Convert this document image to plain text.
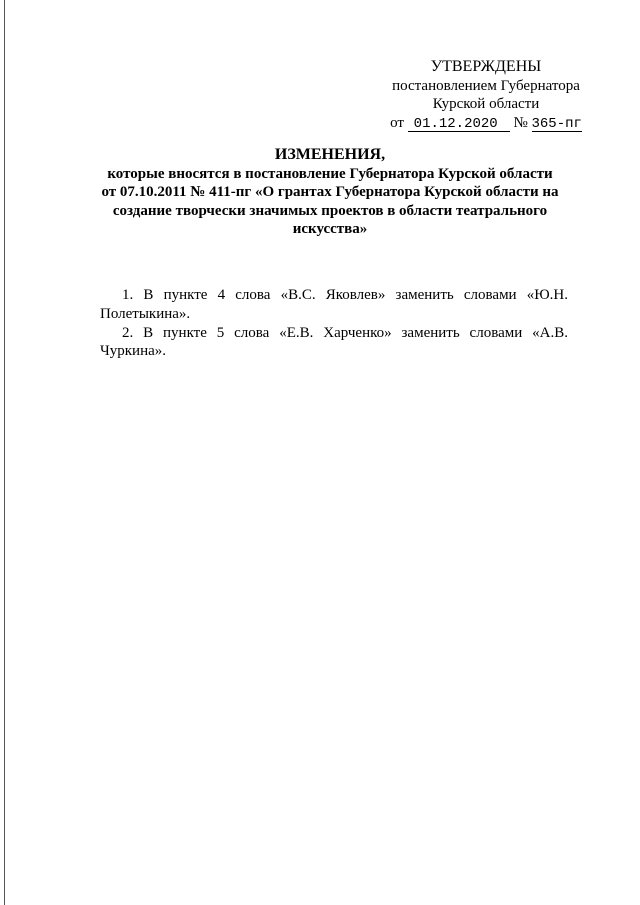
УТВЕРЖДЕНЫ
постановлением Губернатора
Курской области
от 01.12.2020 № 365-пг
ИЗМЕНЕНИЯ,
которые вносятся в постановление Губернатора Курской области
от 07.10.2011 № 411-пг «О грантах Губернатора Курской области на
создание творчески значимых проектов в области театрального
искусства»

1. В пункте 4 слова «В.С. Яковлев» заменить словами «Ю.Н. Полетыкина».

2. В пункте 5 слова «Е.В. Харченко» заменить словами «А.В. Чуркина».
